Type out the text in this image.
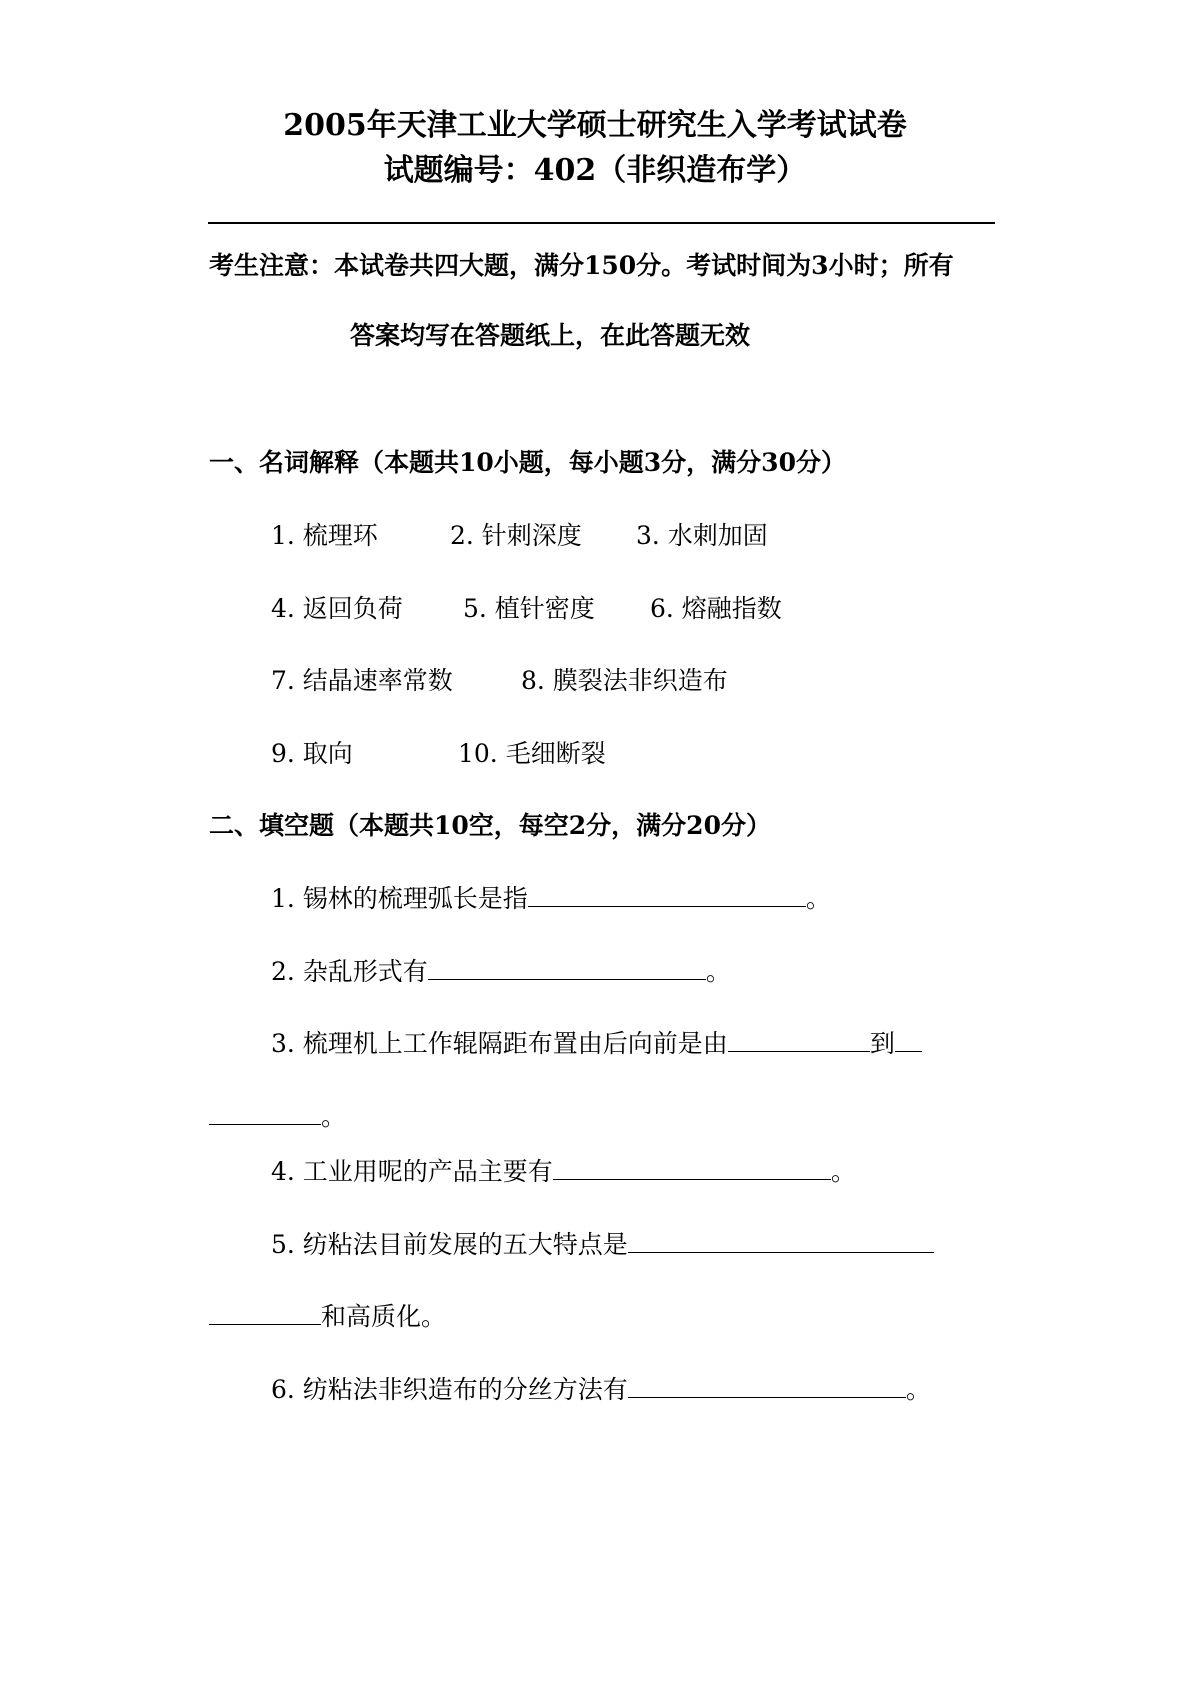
2005年天津工业大学硕士研究生入学考试试卷
试题编号：402（非织造布学）
考生注意：本试卷共四大题，满分150分。考试时间为3小时；所有
答案均写在答题纸上，在此答题无效
一、名词解释（本题共10小题，每小题3分，满分30分）
1. 梳理环	2. 针刺深度 3. 水刺加固
4. 返回负荷 5. 植针密度 6. 熔融指数
7. 结晶速率常数	8. 膜裂法非织造布
9. 取向	10. 毛细断裂
二、填空题（本题共10空，每空2分，满分20分）
1. 锡林的梳理弧长是指	。
2. 杂乱形式有	。
3. 梳理机上工作辊隔距布置由后向前是由	到
。
4. 工业用呢的产品主要有	。
5. 纺粘法目前发展的五大特点是
和高质化。
6. 纺粘法非织造布的分丝方法有	。
